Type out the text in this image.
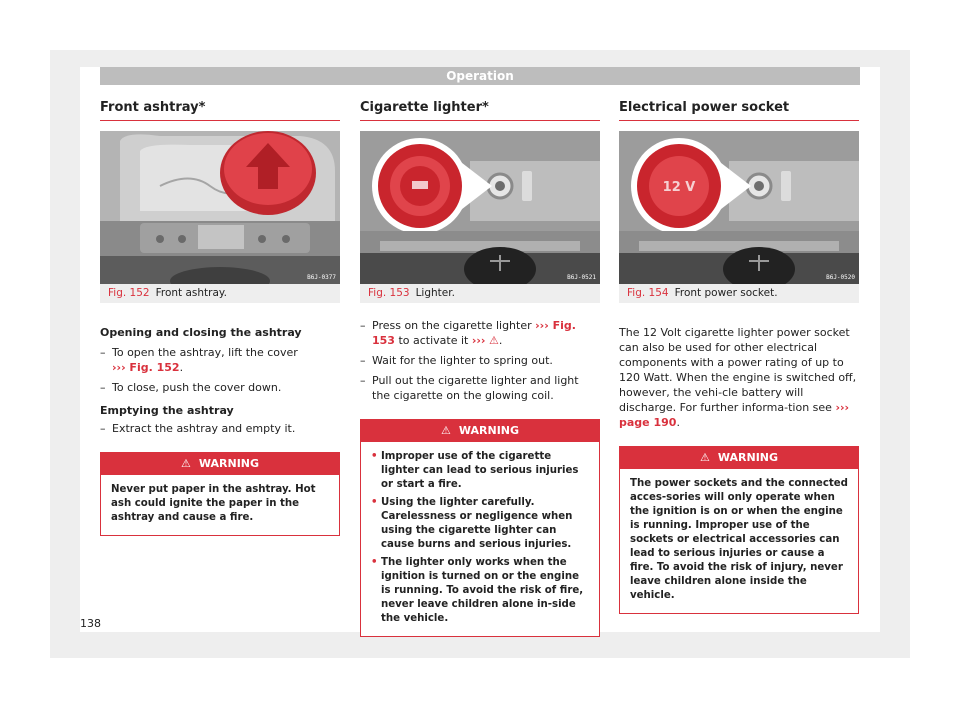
Operation
Front ashtray*
B6J-0377
Fig. 152 Front ashtray.
Opening and closing the ashtray
– To open the ashtray, lift the cover
››› Fig. 152.
– To close, push the cover down.
Emptying the ashtray
– Extract the ashtray and empty it.
⚠ WARNING
Never put paper in the ashtray. Hot ash could ignite the paper in the ashtray and cause a fire.
Cigarette lighter*
B6J-0521
Fig. 153 Lighter.
– Press on the cigarette lighter ››› Fig. 153 to activate it ››› ⚠.
– Wait for the lighter to spring out.
– Pull out the cigarette lighter and light the cigarette on the glowing coil.
⚠ WARNING
• Improper use of the cigarette lighter can lead to serious injuries or start a fire.
• Using the lighter carefully. Carelessness or negligence when using the cigarette lighter can cause burns and serious injuries.
• The lighter only works when the ignition is turned on or the engine is running. To avoid the risk of fire, never leave children alone in-side the vehicle.
Electrical power socket
12 V
B6J-0520
Fig. 154 Front power socket.
The 12 Volt cigarette lighter power socket can also be used for other electrical components with a power rating of up to 120 Watt. When the engine is switched off, however, the vehi-cle battery will discharge. For further informa-tion see ››› page 190.
⚠ WARNING
The power sockets and the connected acces-sories will only operate when the ignition is on or when the engine is running. Improper use of the sockets or electrical accessories can lead to serious injuries or cause a fire. To avoid the risk of injury, never leave children alone inside the vehicle.
138
